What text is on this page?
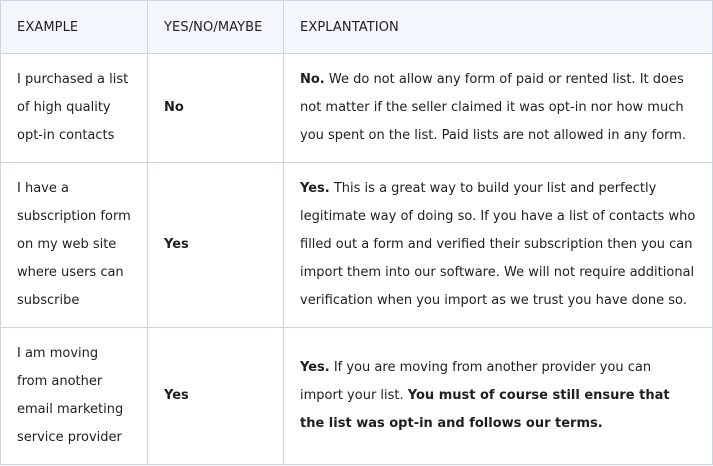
EXAMPLE	YES/NO/MAYBE	EXPLANTATION
I purchased a list of high quality opt-in contacts	No	No. We do not allow any form of paid or rented list. It does not matter if the seller claimed it was opt-in nor how much you spent on the list. Paid lists are not allowed in any form.
I have a subscription form on my web site where users can subscribe	Yes	Yes. This is a great way to build your list and perfectly legitimate way of doing so. If you have a list of contacts who filled out a form and verified their subscription then you can import them into our software. We will not require additional verification when you import as we trust you have done so.
I am moving from another email marketing service provider	Yes	Yes. If you are moving from another provider you can import your list. You must of course still ensure that the list was opt-in and follows our terms.
